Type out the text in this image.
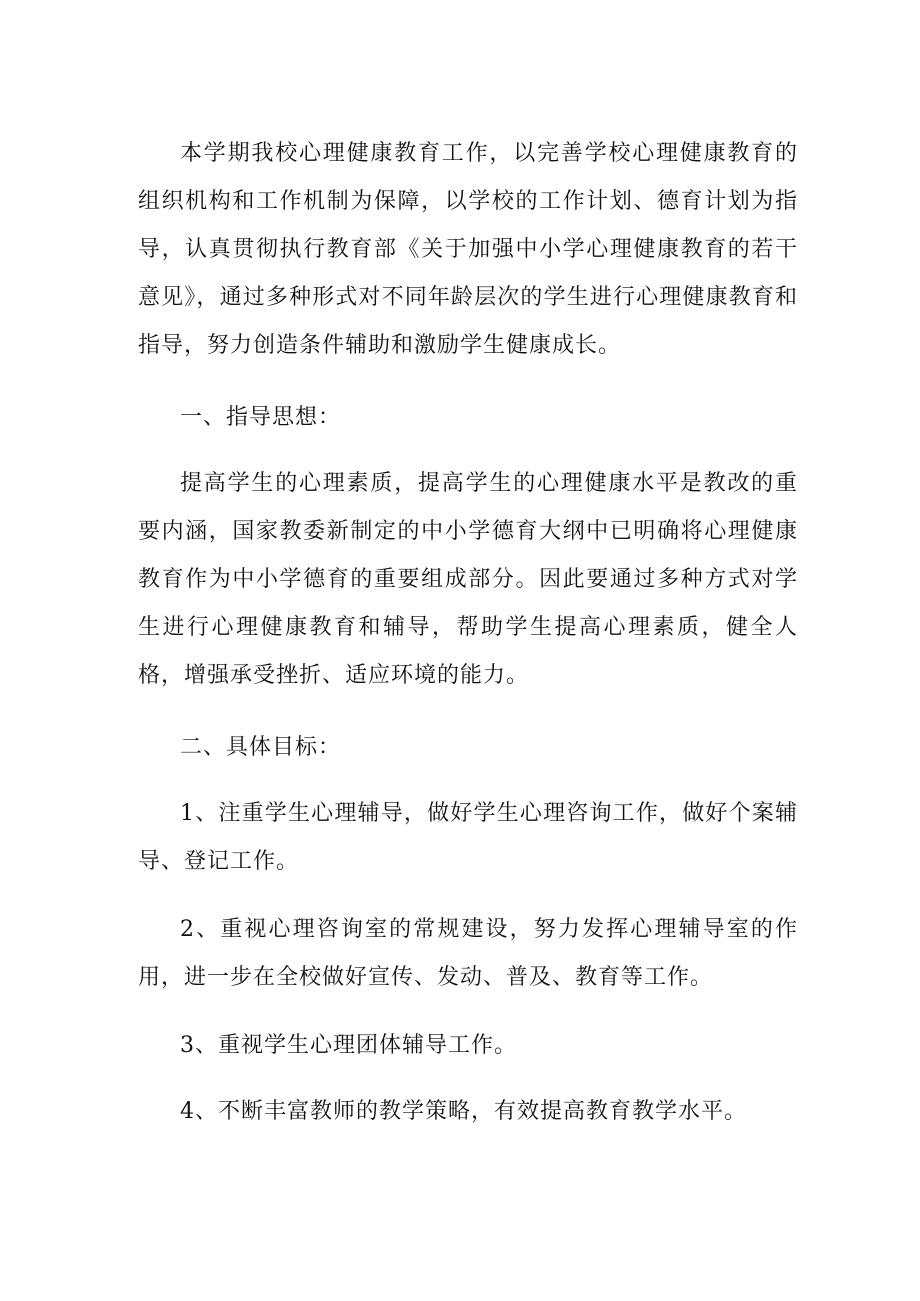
本学期我校心理健康教育工作，以完善学校心理健康教育的组织机构和工作机制为保障，以学校的工作计划、德育计划为指导，认真贯彻执行教育部《关于加强中小学心理健康教育的若干意见》，通过多种形式对不同年龄层次的学生进行心理健康教育和指导，努力创造条件辅助和激励学生健康成长。

一、指导思想：

提高学生的心理素质，提高学生的心理健康水平是教改的重要内涵，国家教委新制定的中小学德育大纲中已明确将心理健康教育作为中小学德育的重要组成部分。因此要通过多种方式对学生进行心理健康教育和辅导，帮助学生提高心理素质，健全人格，增强承受挫折、适应环境的能力。

二、具体目标：

1、注重学生心理辅导，做好学生心理咨询工作，做好个案辅导、登记工作。

2、重视心理咨询室的常规建设，努力发挥心理辅导室的作用，进一步在全校做好宣传、发动、普及、教育等工作。

3、重视学生心理团体辅导工作。

4、不断丰富教师的教学策略，有效提高教育教学水平。
